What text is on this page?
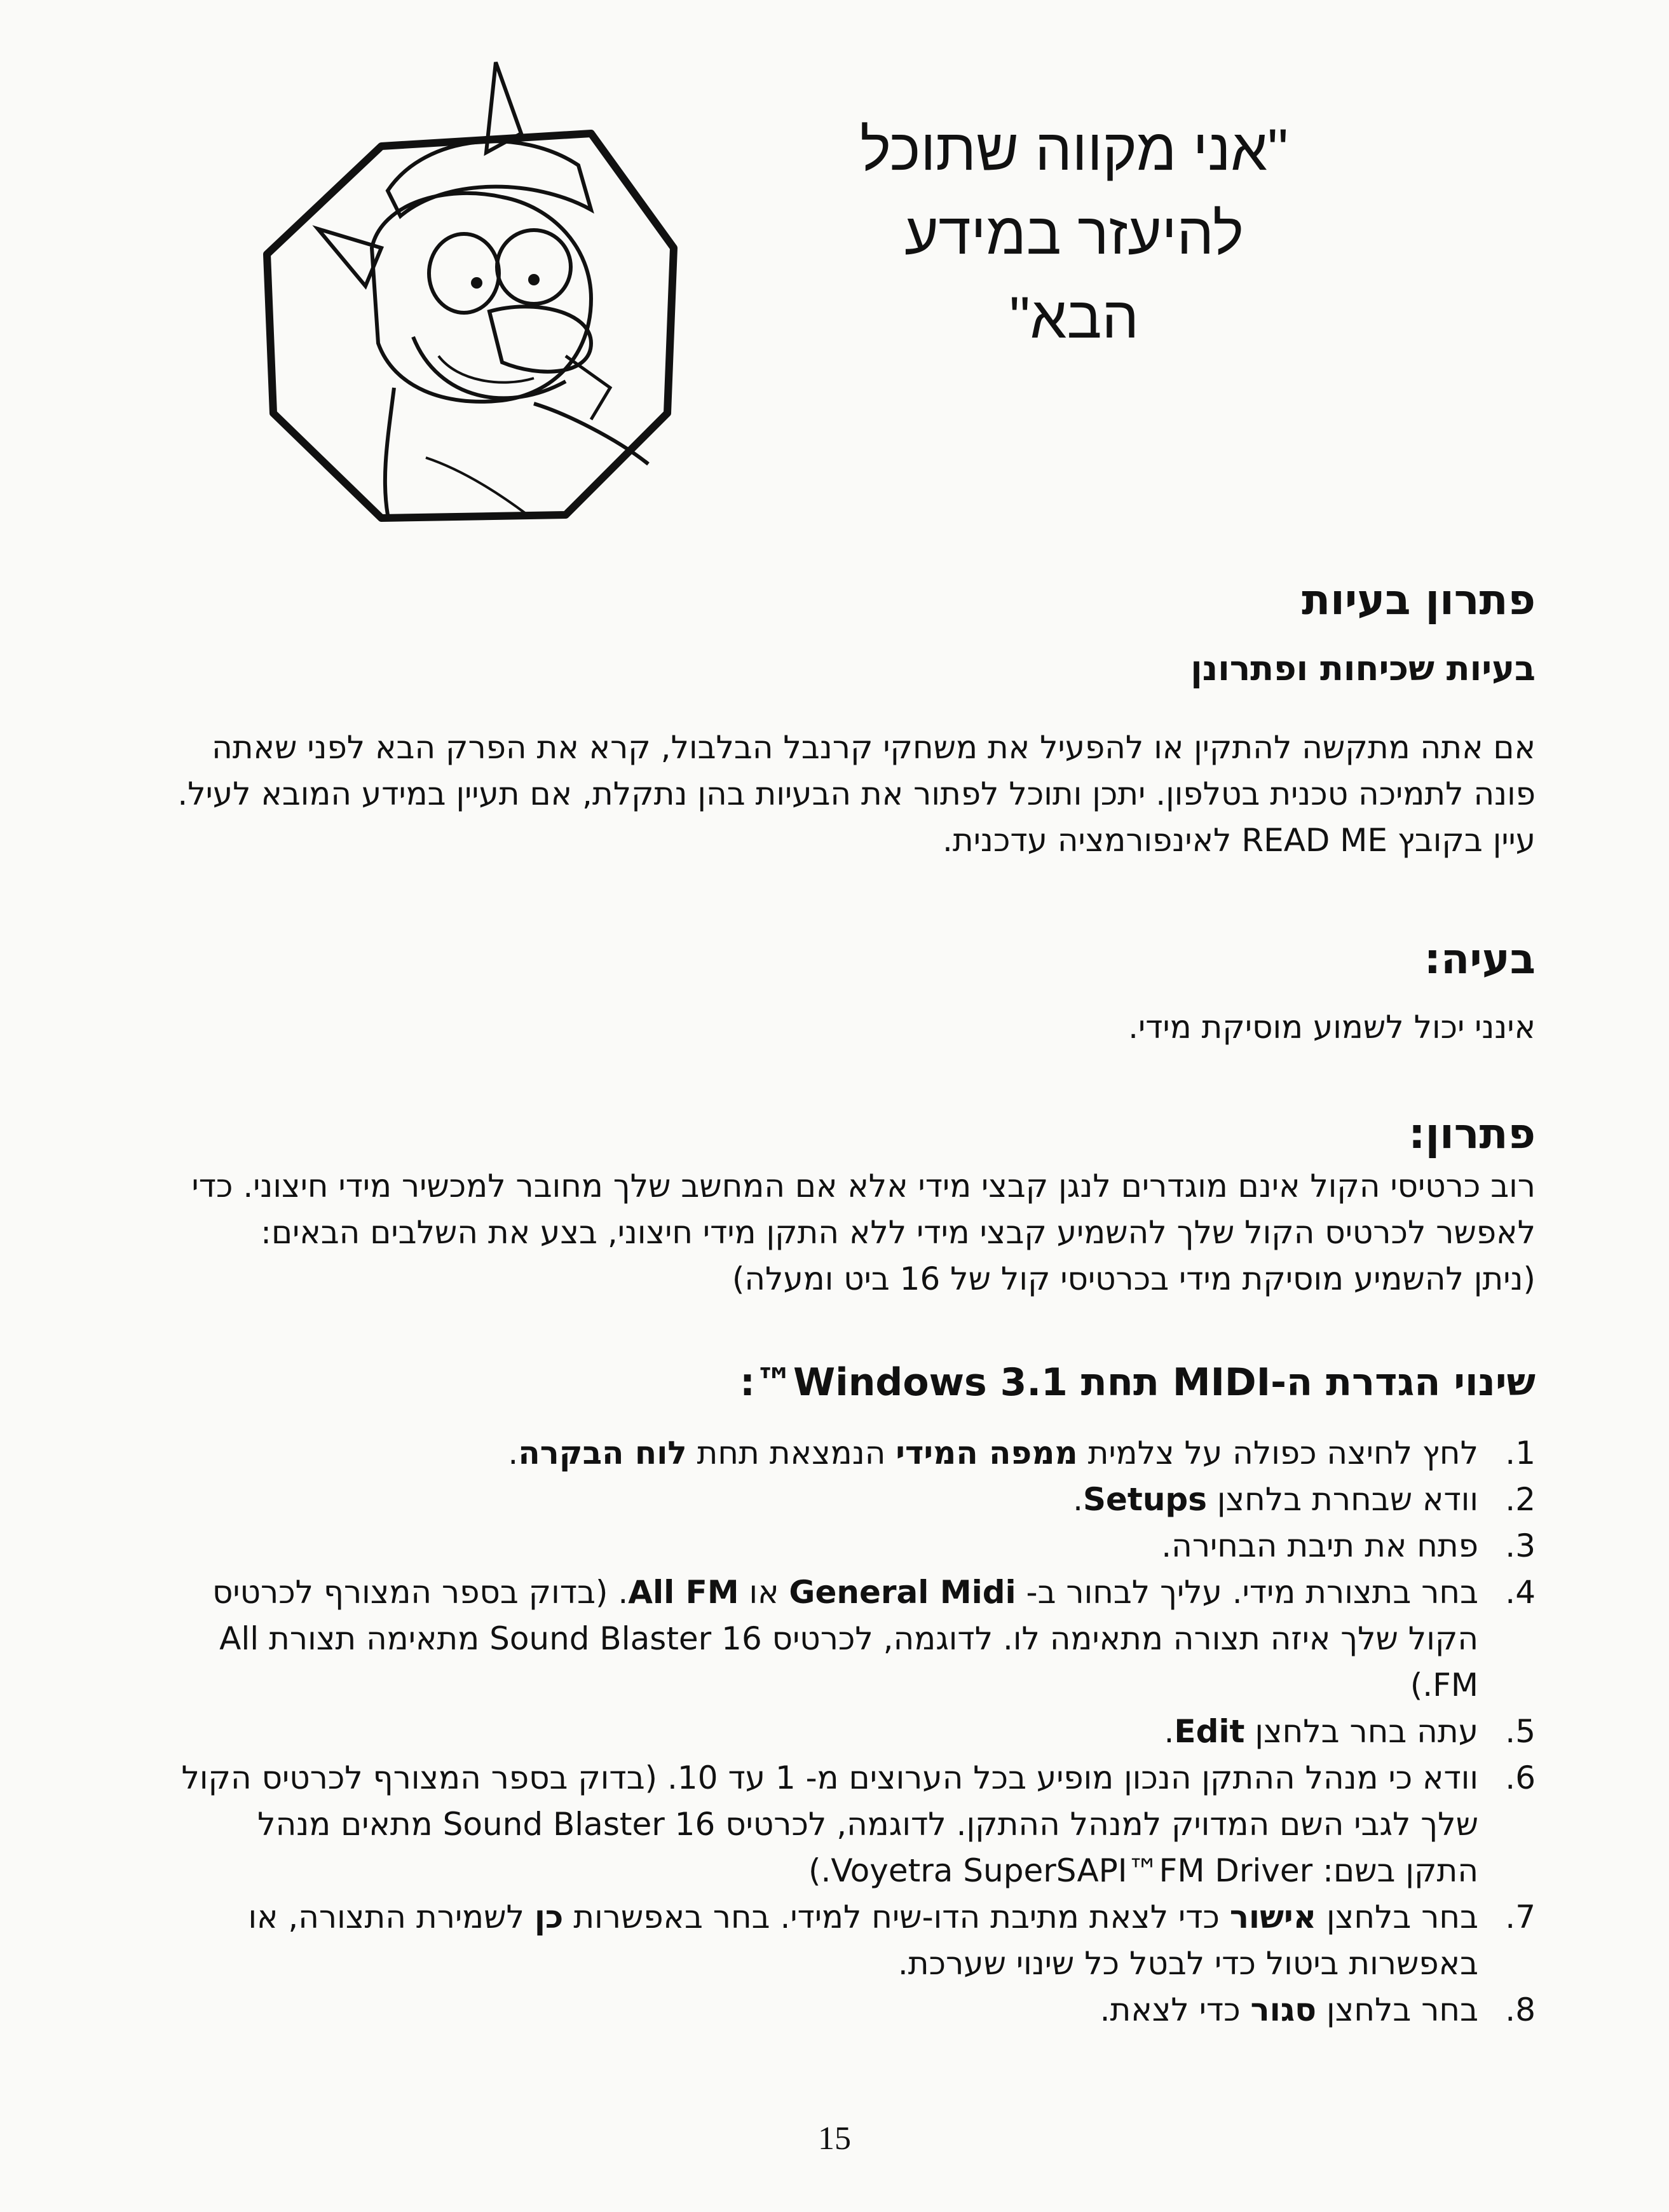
"אני מקווה שתוכל
להיעזר במידע
הבא"
פתרון בעיות
בעיות שכיחות ופתרונן
אם אתה מתקשה להתקין או להפעיל את משחקי קרנבל הבלבול, קרא את הפרק הבא לפני שאתה פונה לתמיכה טכנית בטלפון. יתכן ותוכל לפתור את הבעיות בהן נתקלת, אם תעיין במידע המובא לעיל. עיין בקובץ READ ME לאינפורמציה עדכנית.
בעיה:
אינני יכול לשמוע מוסיקת מידי.
פתרון:
רוב כרטיסי הקול אינם מוגדרים לנגן קבצי מידי אלא אם המחשב שלך מחובר למכשיר מידי חיצוני. כדי
לאפשר לכרטיס הקול שלך להשמיע קבצי מידי ללא התקן מידי חיצוני, בצע את השלבים הבאים:
(ניתן להשמיע מוסיקת מידי בכרטיסי קול של 16 ביט ומעלה)
שינוי הגדרת ה-MIDI תחת Windows 3.1™:
1.
לחץ לחיצה כפולה על צלמית ממפה המידי הנמצאת תחת לוח הבקרה.
2.
וודא שבחרת בלחצן Setups.
3.
פתח את תיבת הבחירה.
4.
בחר בתצורת מידי. עליך לבחור ב- General Midi או All FM. (בדוק בספר המצורף לכרטיס הקול שלך איזה תצורה מתאימה לו. לדוגמה, לכרטיס Sound Blaster 16 מתאימה תצורת All FM.)
5.
עתה בחר בלחצן Edit.
6.
וודא כי מנהל ההתקן הנכון מופיע בכל הערוצים מ- 1 עד 10. (בדוק בספר המצורף לכרטיס הקול שלך לגבי השם המדויק למנהל ההתקן. לדוגמה, לכרטיס Sound Blaster 16 מתאים מנהל התקן בשם: Voyetra SuperSAPI™FM Driver.)
7.
בחר בלחצן אישור כדי לצאת מתיבת הדו-שיח למידי. בחר באפשרות כן לשמירת התצורה, או באפשרות ביטול כדי לבטל כל שינוי שערכת.
8.
בחר בלחצן סגור כדי לצאת.
15
